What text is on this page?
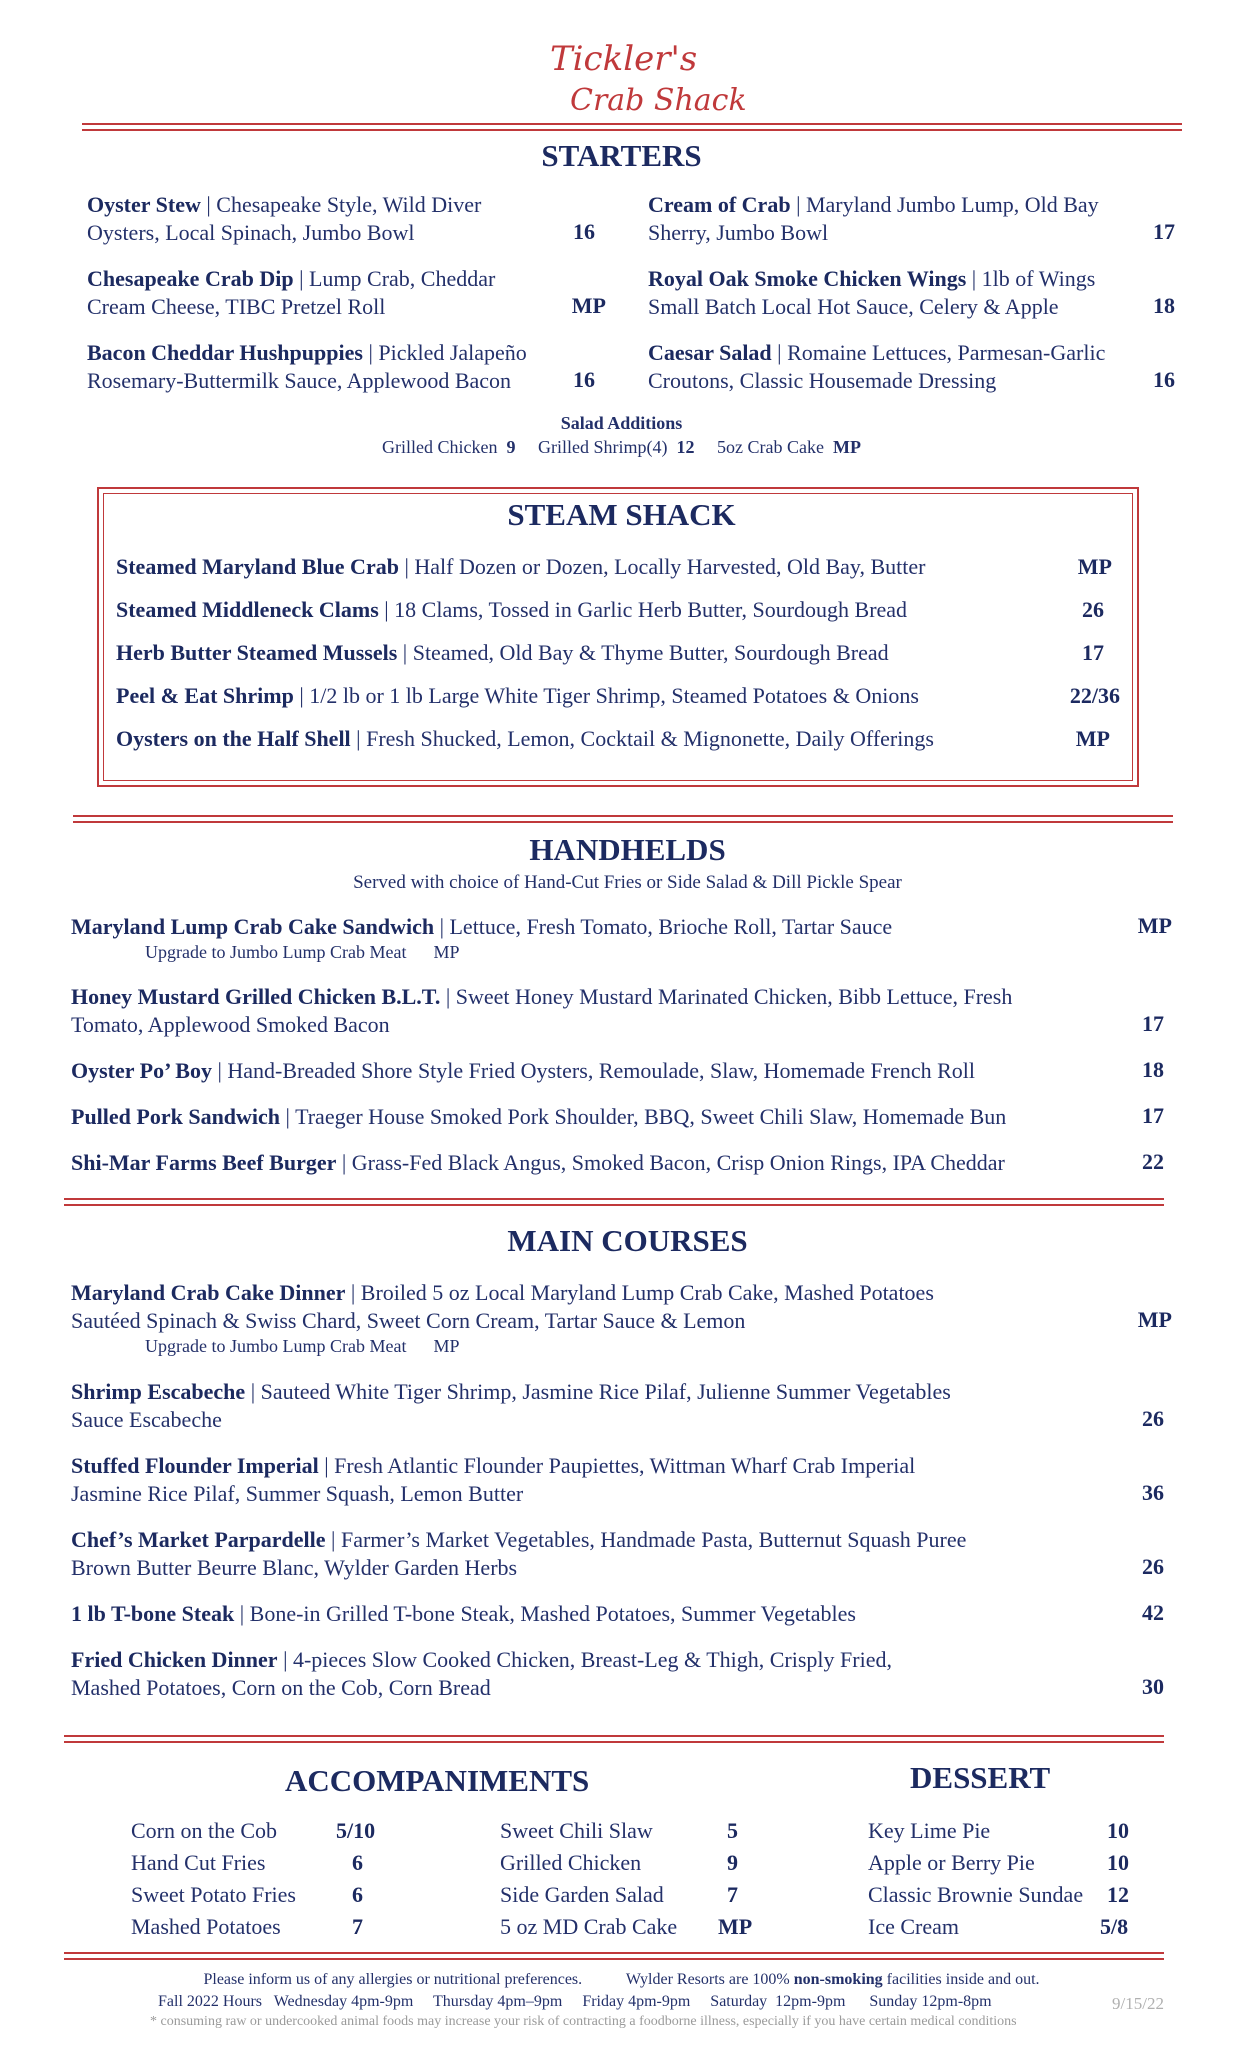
Tickler's
Crab Shack
STARTERS
Oyster Stew | Chesapeake Style, Wild Diver
Oysters, Local Spinach, Jumbo Bowl	16
Chesapeake Crab Dip | Lump Crab, Cheddar
Cream Cheese, TIBC Pretzel Roll	MP
Bacon Cheddar Hushpuppies | Pickled Jalapeño
Rosemary-Buttermilk Sauce, Applewood Bacon	16
Cream of Crab | Maryland Jumbo Lump, Old Bay
Sherry, Jumbo Bowl	17
Royal Oak Smoke Chicken Wings | 1lb of Wings
Small Batch Local Hot Sauce, Celery & Apple	18
Caesar Salad | Romaine Lettuces, Parmesan-Garlic
Croutons, Classic Housemade Dressing	16
Salad Additions
Grilled Chicken 9 Grilled Shrimp(4) 12 5oz Crab Cake MP
STEAM SHACK
Steamed Maryland Blue Crab | Half Dozen or Dozen, Locally Harvested, Old Bay, Butter	MP
Steamed Middleneck Clams | 18 Clams, Tossed in Garlic Herb Butter, Sourdough Bread	26
Herb Butter Steamed Mussels | Steamed, Old Bay & Thyme Butter, Sourdough Bread	17
Peel & Eat Shrimp | 1/2 lb or 1 lb Large White Tiger Shrimp, Steamed Potatoes & Onions	22/36
Oysters on the Half Shell | Fresh Shucked, Lemon, Cocktail & Mignonette, Daily Offerings	MP
HANDHELDS
Served with choice of Hand-Cut Fries or Side Salad & Dill Pickle Spear
Maryland Lump Crab Cake Sandwich | Lettuce, Fresh Tomato, Brioche Roll, Tartar Sauce	MP
Upgrade to Jumbo Lump Crab Meat MP
Honey Mustard Grilled Chicken B.L.T. | Sweet Honey Mustard Marinated Chicken, Bibb Lettuce, Fresh
Tomato, Applewood Smoked Bacon	17
Oyster Po’ Boy | Hand-Breaded Shore Style Fried Oysters, Remoulade, Slaw, Homemade French Roll	18
Pulled Pork Sandwich | Traeger House Smoked Pork Shoulder, BBQ, Sweet Chili Slaw, Homemade Bun	17
Shi-Mar Farms Beef Burger | Grass-Fed Black Angus, Smoked Bacon, Crisp Onion Rings, IPA Cheddar	22
MAIN COURSES
Maryland Crab Cake Dinner | Broiled 5 oz Local Maryland Lump Crab Cake, Mashed Potatoes
Sautéed Spinach & Swiss Chard, Sweet Corn Cream, Tartar Sauce & Lemon	MP
Upgrade to Jumbo Lump Crab Meat MP
Shrimp Escabeche | Sauteed White Tiger Shrimp, Jasmine Rice Pilaf, Julienne Summer Vegetables
Sauce Escabeche	26
Stuffed Flounder Imperial | Fresh Atlantic Flounder Paupiettes, Wittman Wharf Crab Imperial
Jasmine Rice Pilaf, Summer Squash, Lemon Butter	36
Chef’s Market Parpardelle | Farmer’s Market Vegetables, Handmade Pasta, Butternut Squash Puree
Brown Butter Beurre Blanc, Wylder Garden Herbs	26
1 lb T-bone Steak | Bone-in Grilled T-bone Steak, Mashed Potatoes, Summer Vegetables	42
Fried Chicken Dinner | 4-pieces Slow Cooked Chicken, Breast-Leg & Thigh, Crisply Fried,
Mashed Potatoes, Corn on the Cob, Corn Bread	30
ACCOMPANIMENTS
Corn on the Cob	5/10
Hand Cut Fries	6
Sweet Potato Fries	6
Mashed Potatoes	7
Sweet Chili Slaw	5
Grilled Chicken	9
Side Garden Salad	7
5 oz MD Crab Cake MP
DESSERT
Key Lime Pie	10
Apple or Berry Pie	10
Classic Brownie Sundae 12
Ice Cream	5/8
Please inform us of any allergies or nutritional preferences.	Wylder Resorts are 100% non-smoking facilities inside and out.
Fall 2022 Hours   Wednesday 4pm-9pm     Thursday 4pm–9pm     Friday 4pm-9pm     Saturday  12pm-9pm      Sunday 12pm-8pm	9/15/22
* consuming raw or undercooked animal foods may increase your risk of contracting a foodborne illness, especially if you have certain medical conditions
